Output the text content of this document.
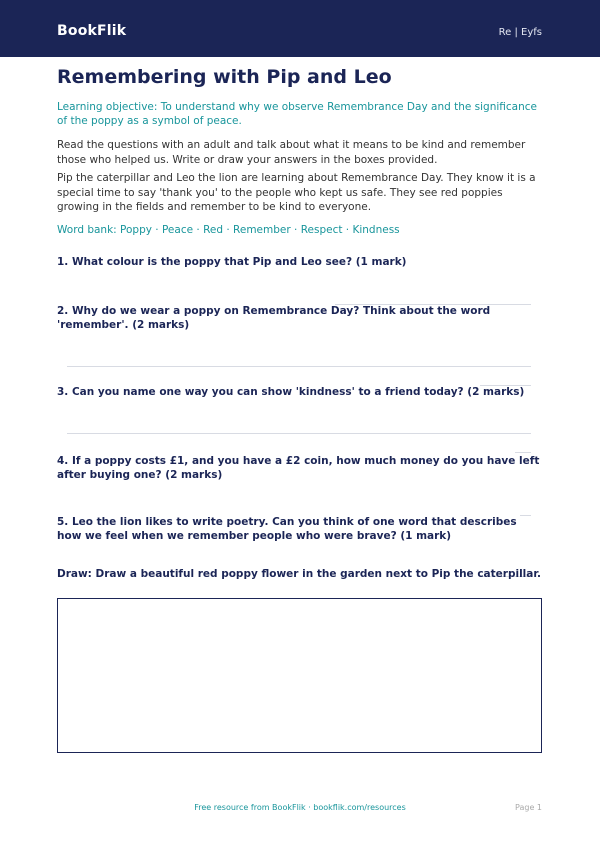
BookFlik	Re | Eyfs
Remembering with Pip and Leo
Learning objective: To understand why we observe Remembrance Day and the significance of the poppy as a symbol of peace.
Read the questions with an adult and talk about what it means to be kind and remember those who helped us. Write or draw your answers in the boxes provided.
Pip the caterpillar and Leo the lion are learning about Remembrance Day. They know it is a special time to say 'thank you' to the people who kept us safe. They see red poppies growing in the fields and remember to be kind to everyone.
Word bank: Poppy · Peace · Red · Remember · Respect · Kindness
1. What colour is the poppy that Pip and Leo see? (1 mark)
2. Why do we wear a poppy on Remembrance Day? Think about the word 'remember'. (2 marks)
3. Can you name one way you can show 'kindness' to a friend today? (2 marks)
4. If a poppy costs £1, and you have a £2 coin, how much money do you have left after buying one? (2 marks)
5. Leo the lion likes to write poetry. Can you think of one word that describes how we feel when we remember people who were brave? (1 mark)
Draw: Draw a beautiful red poppy flower in the garden next to Pip the caterpillar.
Free resource from BookFlik · bookflik.com/resources	Page 1
